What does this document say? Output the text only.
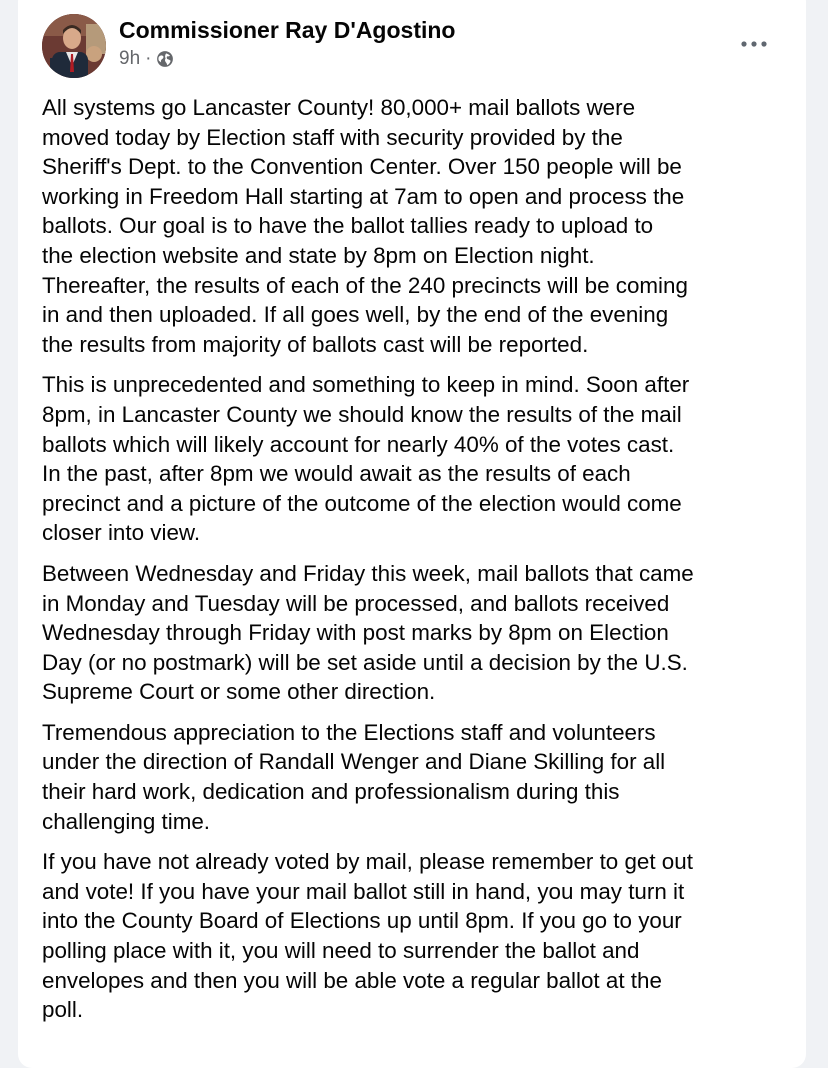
Commissioner Ray D'Agostino
9h ·

All systems go Lancaster County! 80,000+ mail ballots were
moved today by Election staff with security provided by the
Sheriff's Dept. to the Convention Center. Over 150 people will be
working in Freedom Hall starting at 7am to open and process the
ballots. Our goal is to have the ballot tallies ready to upload to
the election website and state by 8pm on Election night.
Thereafter, the results of each of the 240 precincts will be coming
in and then uploaded. If all goes well, by the end of the evening
the results from majority of ballots cast will be reported.

This is unprecedented and something to keep in mind. Soon after
8pm, in Lancaster County we should know the results of the mail
ballots which will likely account for nearly 40% of the votes cast.
In the past, after 8pm we would await as the results of each
precinct and a picture of the outcome of the election would come
closer into view.

Between Wednesday and Friday this week, mail ballots that came
in Monday and Tuesday will be processed, and ballots received
Wednesday through Friday with post marks by 8pm on Election
Day (or no postmark) will be set aside until a decision by the U.S.
Supreme Court or some other direction.

Tremendous appreciation to the Elections staff and volunteers
under the direction of Randall Wenger and Diane Skilling for all
their hard work, dedication and professionalism during this
challenging time.

If you have not already voted by mail, please remember to get out
and vote! If you have your mail ballot still in hand, you may turn it
into the County Board of Elections up until 8pm. If you go to your
polling place with it, you will need to surrender the ballot and
envelopes and then you will be able vote a regular ballot at the
poll.
